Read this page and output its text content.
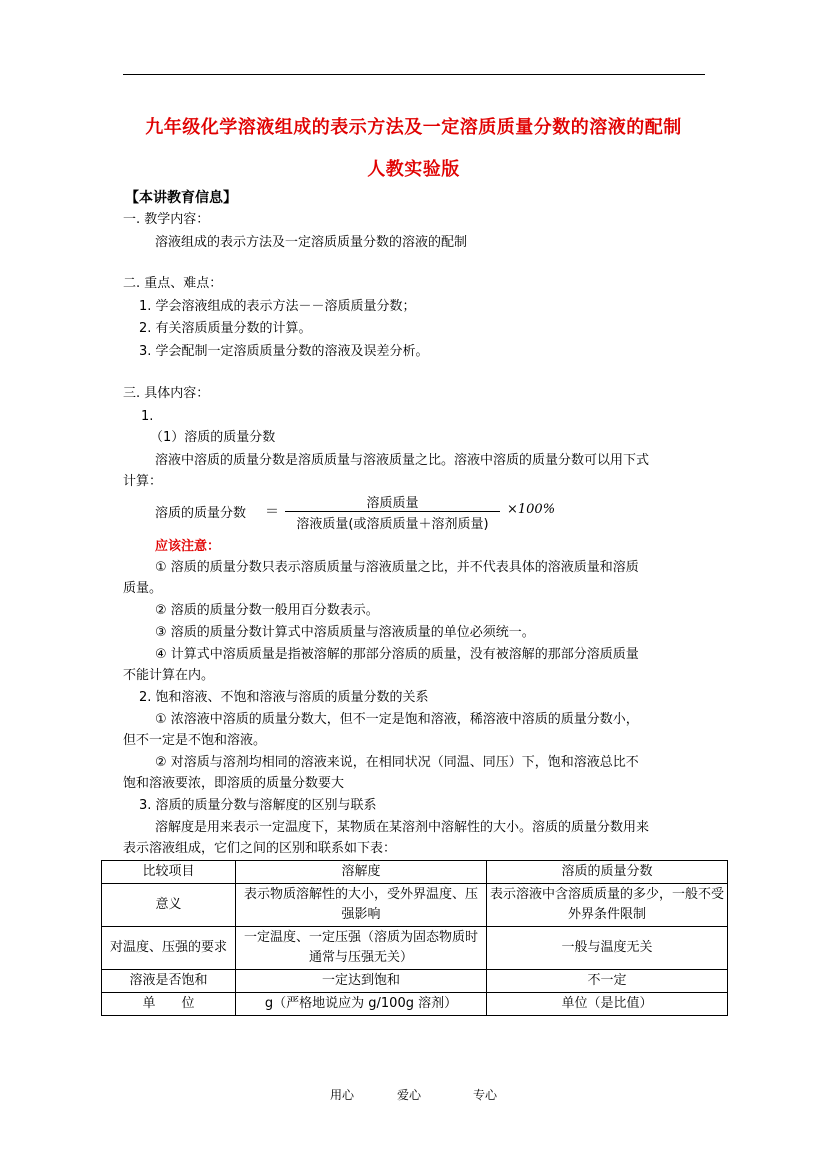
九年级化学溶液组成的表示方法及一定溶质质量分数的溶液的配制
人教实验版
【本讲教育信息】
一. 教学内容：
溶液组成的表示方法及一定溶质质量分数的溶液的配制
二. 重点、难点：
1. 学会溶液组成的表示方法－－溶质质量分数；
2. 有关溶质质量分数的计算。
3. 学会配制一定溶质质量分数的溶液及误差分析。
三. 具体内容：
1.
（1）溶质的质量分数
溶液中溶质的质量分数是溶质质量与溶液质量之比。溶液中溶质的质量分数可以用下式
计算：
溶质的质量分数 ＝
溶质质量
溶液质量(或溶质质量＋溶剂质量)
×100%
应该注意：
① 溶质的质量分数只表示溶质质量与溶液质量之比，并不代表具体的溶液质量和溶质
质量。
② 溶质的质量分数一般用百分数表示。
③ 溶质的质量分数计算式中溶质质量与溶液质量的单位必须统一。
④ 计算式中溶质质量是指被溶解的那部分溶质的质量，没有被溶解的那部分溶质质量
不能计算在内。
2. 饱和溶液、不饱和溶液与溶质的质量分数的关系
① 浓溶液中溶质的质量分数大，但不一定是饱和溶液，稀溶液中溶质的质量分数小，
但不一定是不饱和溶液。
② 对溶质与溶剂均相同的溶液来说，在相同状况（同温、同压）下，饱和溶液总比不
饱和溶液要浓，即溶质的质量分数要大
3. 溶质的质量分数与溶解度的区别与联系
溶解度是用来表示一定温度下，某物质在某溶剂中溶解性的大小。溶质的质量分数用来
表示溶液组成，它们之间的区别和联系如下表：
比较项目	溶解度	溶质的质量分数
意义	表示物质溶解性的大小，受外界温度、压强影响	表示溶液中含溶质质量的多少，一般不受外界条件限制
对温度、压强的要求	一定温度、一定压强（溶质为固态物质时通常与压强无关）	一般与温度无关
溶液是否饱和	一定达到饱和	不一定
单　　位	g（严格地说应为 g/100g 溶剂）	单位（是比值）
用心	爱心	专心
